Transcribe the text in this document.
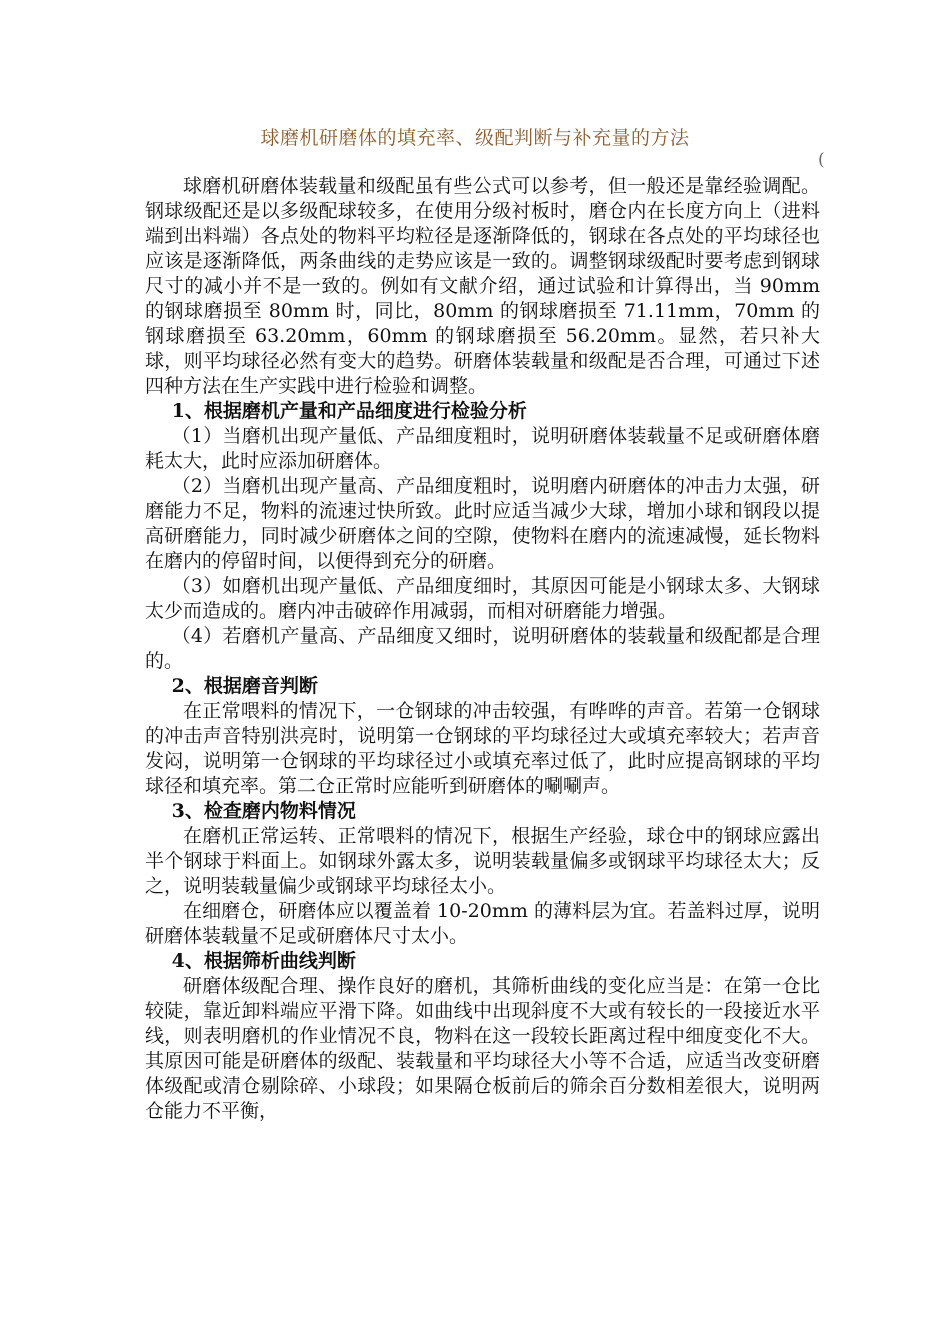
球磨机研磨体的填充率、级配判断与补充量的方法
(

球磨机研磨体装载量和级配虽有些公式可以参考，但一般还是靠经验调配。钢球级配还是以多级配球较多，在使用分级衬板时，磨仓内在长度方向上（进料端到出料端）各点处的物料平均粒径是逐渐降低的，钢球在各点处的平均球径也应该是逐渐降低，两条曲线的走势应该是一致的。调整钢球级配时要考虑到钢球尺寸的减小并不是一致的。例如有文献介绍，通过试验和计算得出，当 90mm 的钢球磨损至 80mm 时，同比，80mm 的钢球磨损至 71.11mm，70mm 的钢球磨损至 63.20mm，60mm 的钢球磨损至 56.20mm。显然，若只补大球，则平均球径必然有变大的趋势。研磨体装载量和级配是否合理，可通过下述四种方法在生产实践中进行检验和调整。

1、根据磨机产量和产品细度进行检验分析

（1）当磨机出现产量低、产品细度粗时，说明研磨体装载量不足或研磨体磨耗太大，此时应添加研磨体。

（2）当磨机出现产量高、产品细度粗时，说明磨内研磨体的冲击力太强，研磨能力不足，物料的流速过快所致。此时应适当减少大球，增加小球和钢段以提高研磨能力，同时减少研磨体之间的空隙，使物料在磨内的流速减慢，延长物料在磨内的停留时间，以便得到充分的研磨。

（3）如磨机出现产量低、产品细度细时，其原因可能是小钢球太多、大钢球太少而造成的。磨内冲击破碎作用减弱，而相对研磨能力增强。

（4）若磨机产量高、产品细度又细时，说明研磨体的装载量和级配都是合理的。

2、根据磨音判断

在正常喂料的情况下，一仓钢球的冲击较强，有哗哗的声音。若第一仓钢球的冲击声音特别洪亮时，说明第一仓钢球的平均球径过大或填充率较大；若声音发闷，说明第一仓钢球的平均球径过小或填充率过低了，此时应提高钢球的平均球径和填充率。第二仓正常时应能听到研磨体的唰唰声。

3、检查磨内物料情况

在磨机正常运转、正常喂料的情况下，根据生产经验，球仓中的钢球应露出半个钢球于料面上。如钢球外露太多，说明装载量偏多或钢球平均球径太大；反之，说明装载量偏少或钢球平均球径太小。

在细磨仓，研磨体应以覆盖着 10-20mm 的薄料层为宜。若盖料过厚，说明研磨体装载量不足或研磨体尺寸太小。

4、根据筛析曲线判断

研磨体级配合理、操作良好的磨机，其筛析曲线的变化应当是：在第一仓比较陡，靠近卸料端应平滑下降。如曲线中出现斜度不大或有较长的一段接近水平线，则表明磨机的作业情况不良，物料在这一段较长距离过程中细度变化不大。其原因可能是研磨体的级配、装载量和平均球径大小等不合适，应适当改变研磨体级配或清仓剔除碎、小球段；如果隔仓板前后的筛余百分数相差很大，说明两仓能力不平衡，
